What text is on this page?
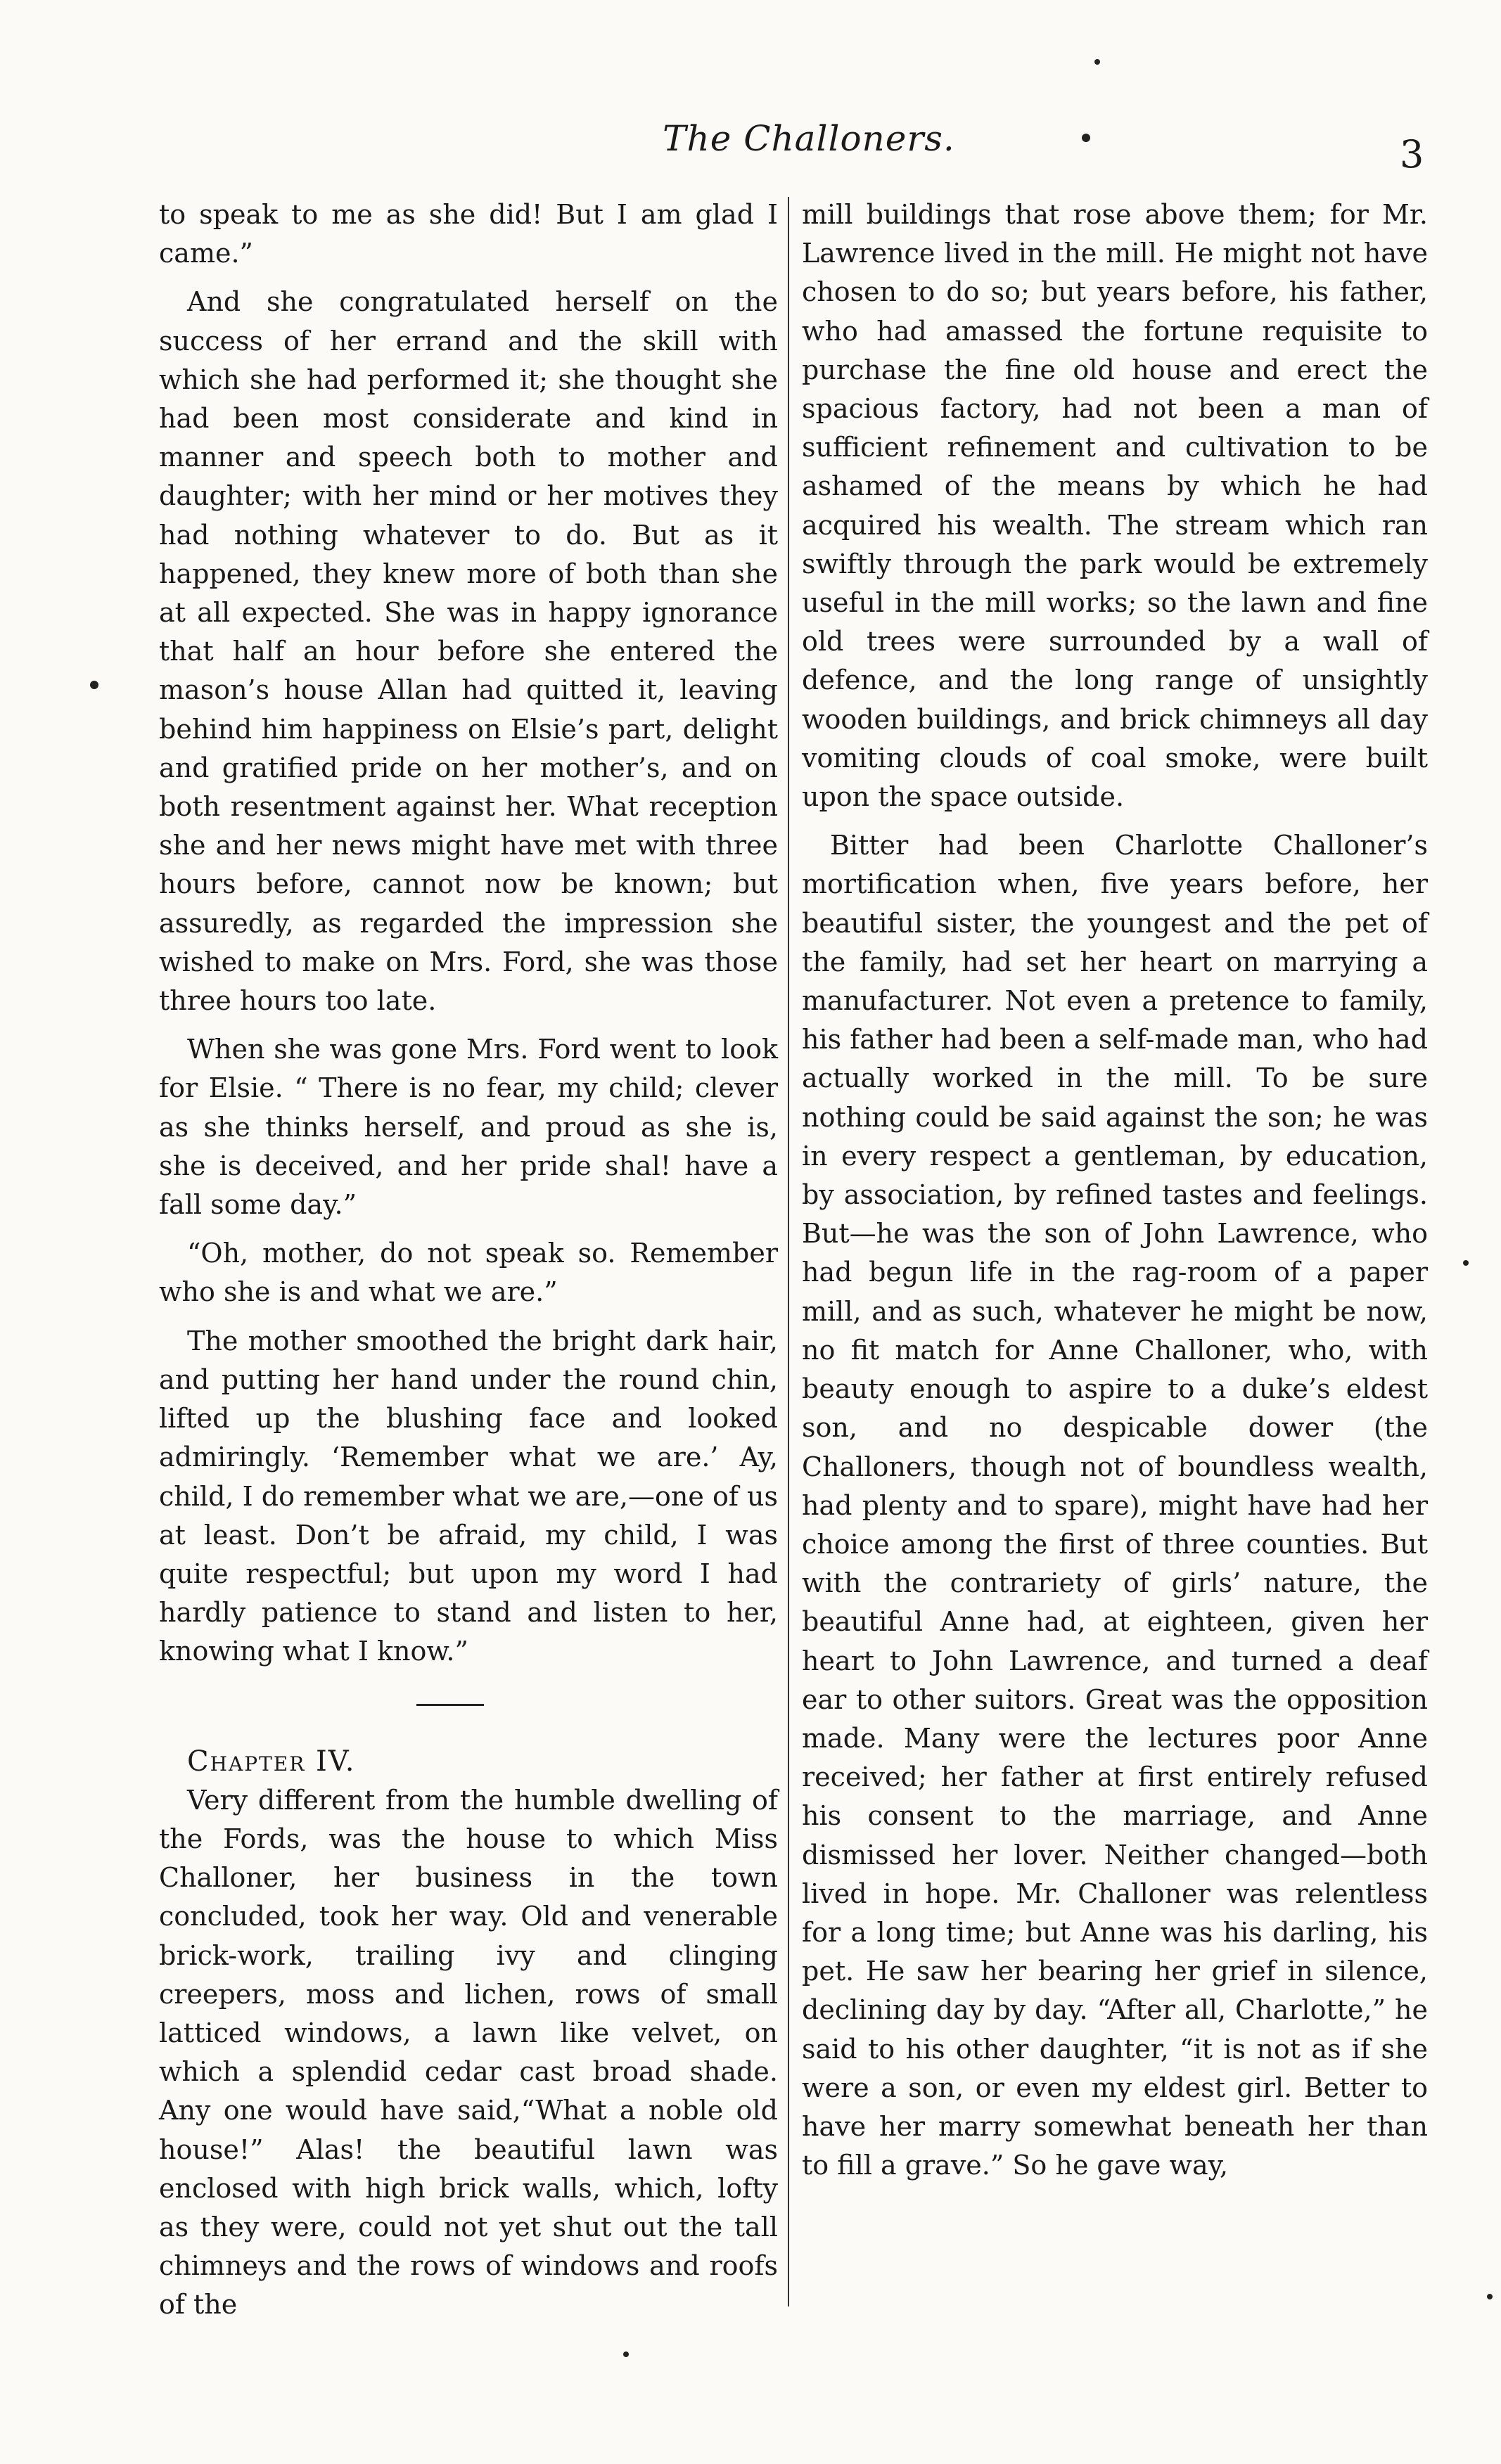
The Challoners.	3

to speak to me as she did! But I am glad I came.”

And she congratulated herself on the success of her errand and the skill with which she had performed it; she thought she had been most considerate and kind in manner and speech both to mother and daughter; with her mind or her motives they had nothing whatever to do. But as it happened, they knew more of both than she at all expected. She was in happy ignorance that half an hour before she entered the mason’s house Allan had quitted it, leaving behind him happiness on Elsie’s part, delight and gratified pride on her mother’s, and on both resentment against her. What reception she and her news might have met with three hours before, cannot now be known; but assuredly, as regarded the impression she wished to make on Mrs. Ford, she was those three hours too late.

When she was gone Mrs. Ford went to look for Elsie. “ There is no fear, my child; clever as she thinks herself, and proud as she is, she is deceived, and her pride shal! have a fall some day.”

“Oh, mother, do not speak so. Remember who she is and what we are.”

The mother smoothed the bright dark hair, and putting her hand under the round chin, lifted up the blushing face and looked admiringly. ‘Remember what we are.’ Ay, child, I do remember what we are,—one of us at least. Don’t be afraid, my child, I was quite respectful; but upon my word I had hardly patience to stand and listen to her, knowing what I know.”

Chapter IV.

Very different from the humble dwelling of the Fords, was the house to which Miss Challoner, her business in the town concluded, took her way. Old and venerable brick-work, trailing ivy and clinging creepers, moss and lichen, rows of small latticed windows, a lawn like velvet, on which a splendid cedar cast broad shade. Any one would have said,“What a noble old house!” Alas! the beautiful lawn was enclosed with high brick walls, which, lofty as they were, could not yet shut out the tall chimneys and the rows of windows and roofs of the

mill buildings that rose above them; for Mr. Lawrence lived in the mill. He might not have chosen to do so; but years before, his father, who had amassed the fortune requisite to purchase the fine old house and erect the spacious factory, had not been a man of sufficient refinement and cultivation to be ashamed of the means by which he had acquired his wealth. The stream which ran swiftly through the park would be extremely useful in the mill works; so the lawn and fine old trees were surrounded by a wall of defence, and the long range of unsightly wooden buildings, and brick chimneys all day vomiting clouds of coal smoke, were built upon the space outside.

Bitter had been Charlotte Challoner’s mortification when, five years before, her beautiful sister, the youngest and the pet of the family, had set her heart on marrying a manufacturer. Not even a pretence to family, his father had been a self-made man, who had actually worked in the mill. To be sure nothing could be said against the son; he was in every respect a gentleman, by education, by association, by refined tastes and feelings. But—he was the son of John Lawrence, who had begun life in the rag-room of a paper mill, and as such, whatever he might be now, no fit match for Anne Challoner, who, with beauty enough to aspire to a duke’s eldest son, and no despicable dower (the Challoners, though not of boundless wealth, had plenty and to spare), might have had her choice among the first of three counties. But with the contrariety of girls’ nature, the beautiful Anne had, at eighteen, given her heart to John Lawrence, and turned a deaf ear to other suitors. Great was the opposition made. Many were the lectures poor Anne received; her father at first entirely refused his consent to the marriage, and Anne dismissed her lover. Neither changed—both lived in hope. Mr. Challoner was relentless for a long time; but Anne was his darling, his pet. He saw her bearing her grief in silence, declining day by day. “After all, Charlotte,” he said to his other daughter, “it is not as if she were a son, or even my eldest girl. Better to have her marry somewhat beneath her than to fill a grave.” So he gave way,
